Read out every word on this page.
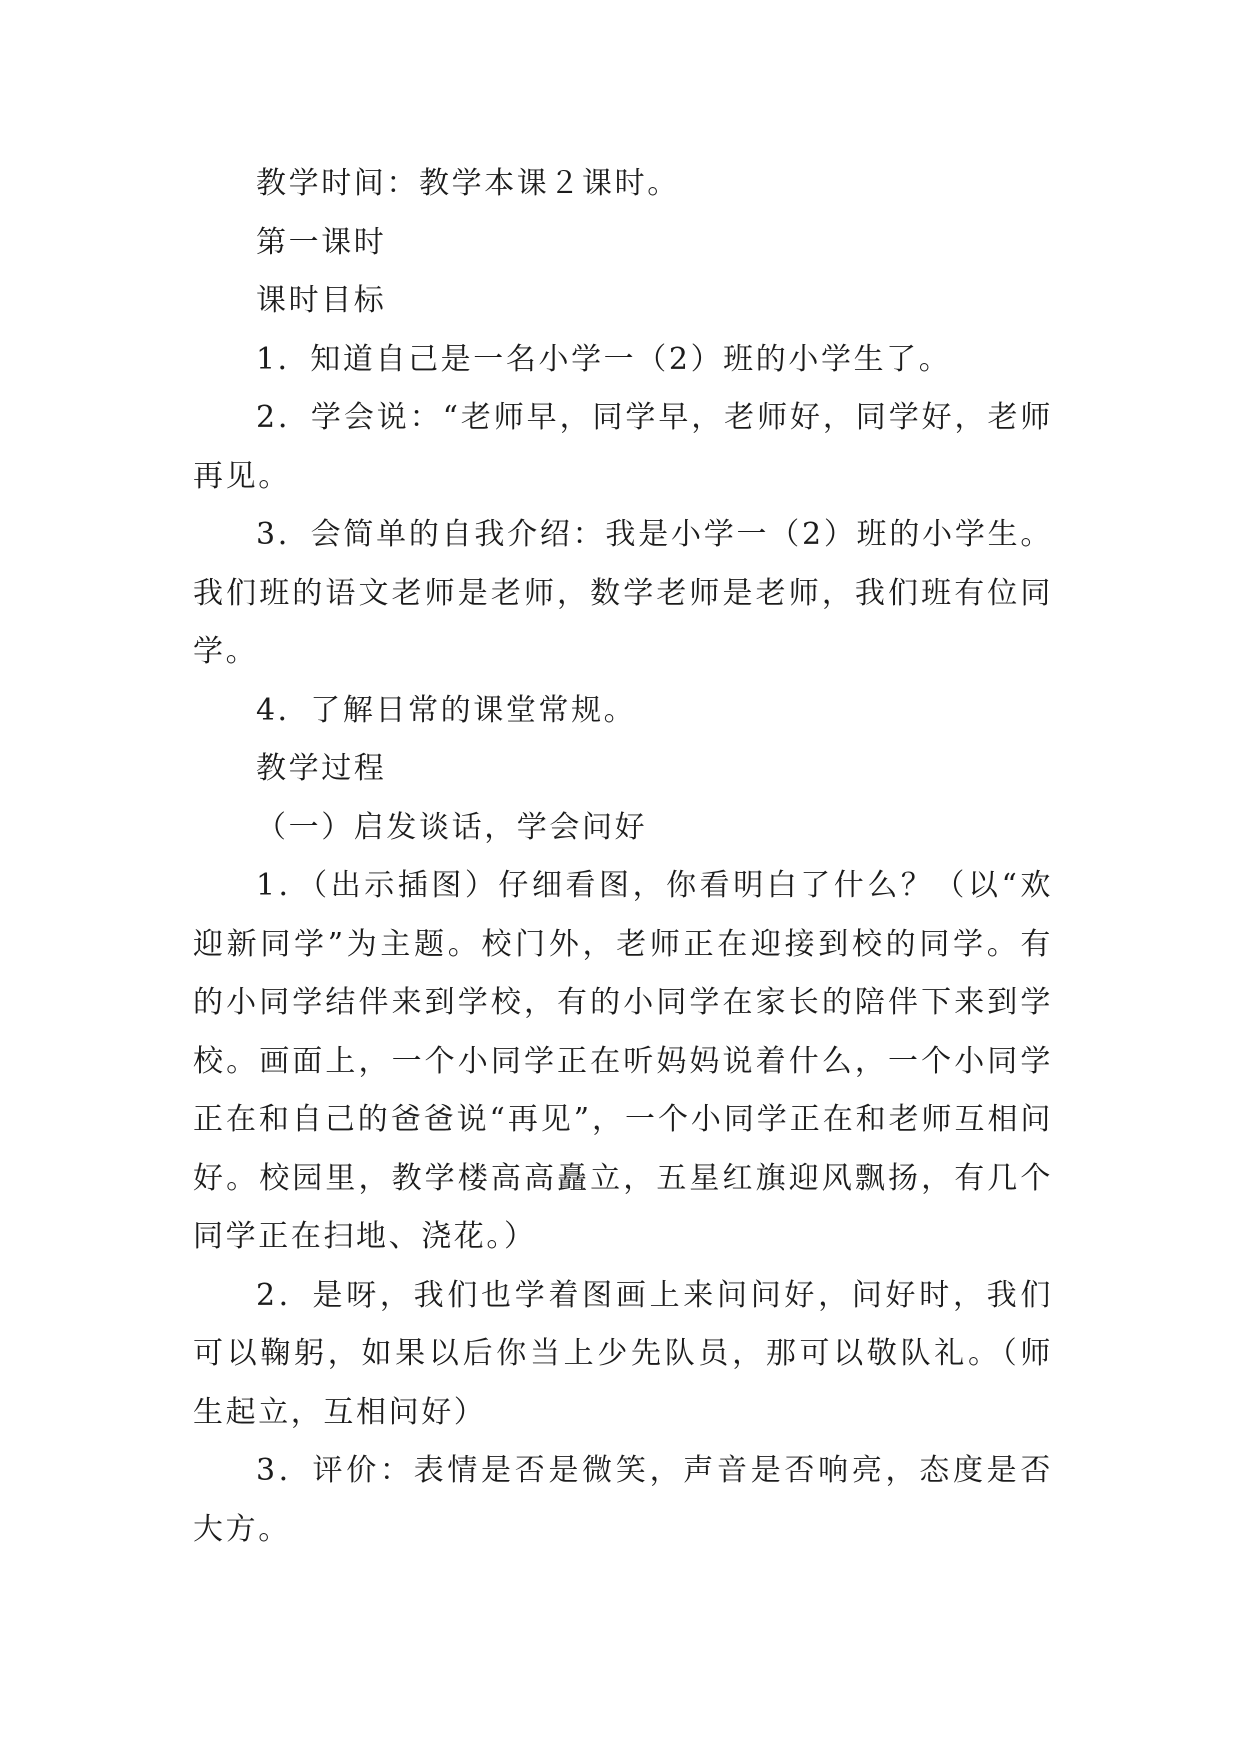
教学时间：教学本课２课时。

第一课时

课时目标

1．知道自己是一名小学一（2）班的小学生了。

2．学会说：“老师早，同学早，老师好，同学好，老师再见。

3．会简单的自我介绍：我是小学一（2）班的小学生。我们班的语文老师是老师，数学老师是老师，我们班有位同学。

4．了解日常的课堂常规。

教学过程

（一）启发谈话，学会问好

1．（出示插图）仔细看图，你看明白了什么？（以“欢迎新同学”为主题。校门外，老师正在迎接到校的同学。有的小同学结伴来到学校，有的小同学在家长的陪伴下来到学校。画面上，一个小同学正在听妈妈说着什么，一个小同学正在和自己的爸爸说“再见”，一个小同学正在和老师互相问好。校园里，教学楼高高矗立，五星红旗迎风飘扬，有几个同学正在扫地、浇花。）

2．是呀，我们也学着图画上来问问好，问好时，我们可以鞠躬，如果以后你当上少先队员，那可以敬队礼。（师生起立，互相问好）

3．评价：表情是否是微笑，声音是否响亮，态度是否大方。
